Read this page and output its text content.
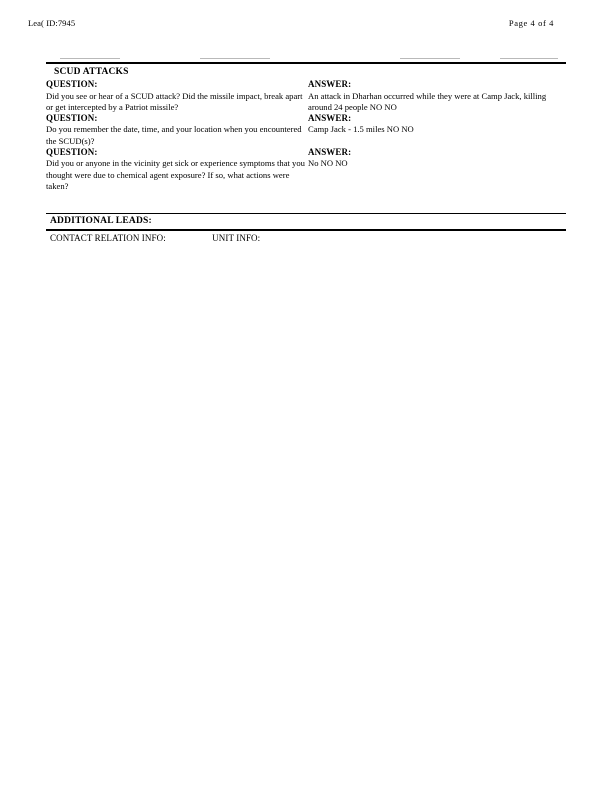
Lea( ID:7945	Page 4 of 4
SCUD ATTACKS
QUESTION:	ANSWER:
Did you see or hear of a SCUD attack? Did the missile impact, break apart or get intercepted by a Patriot missile?	An attack in Dharhan occurred while they were at Camp Jack, killing around 24 people NO NO
QUESTION:	ANSWER:
Do you remember the date, time, and your location when you encountered the SCUD(s)?	Camp Jack - 1.5 miles NO NO
QUESTION:	ANSWER:
Did you or anyone in the vicinity get sick or experience symptoms that you thought were due to chemical agent exposure? If so, what actions were taken?	No NO NO
ADDITIONAL LEADS:
CONTACT RELATION INFO:	UNIT INFO:
